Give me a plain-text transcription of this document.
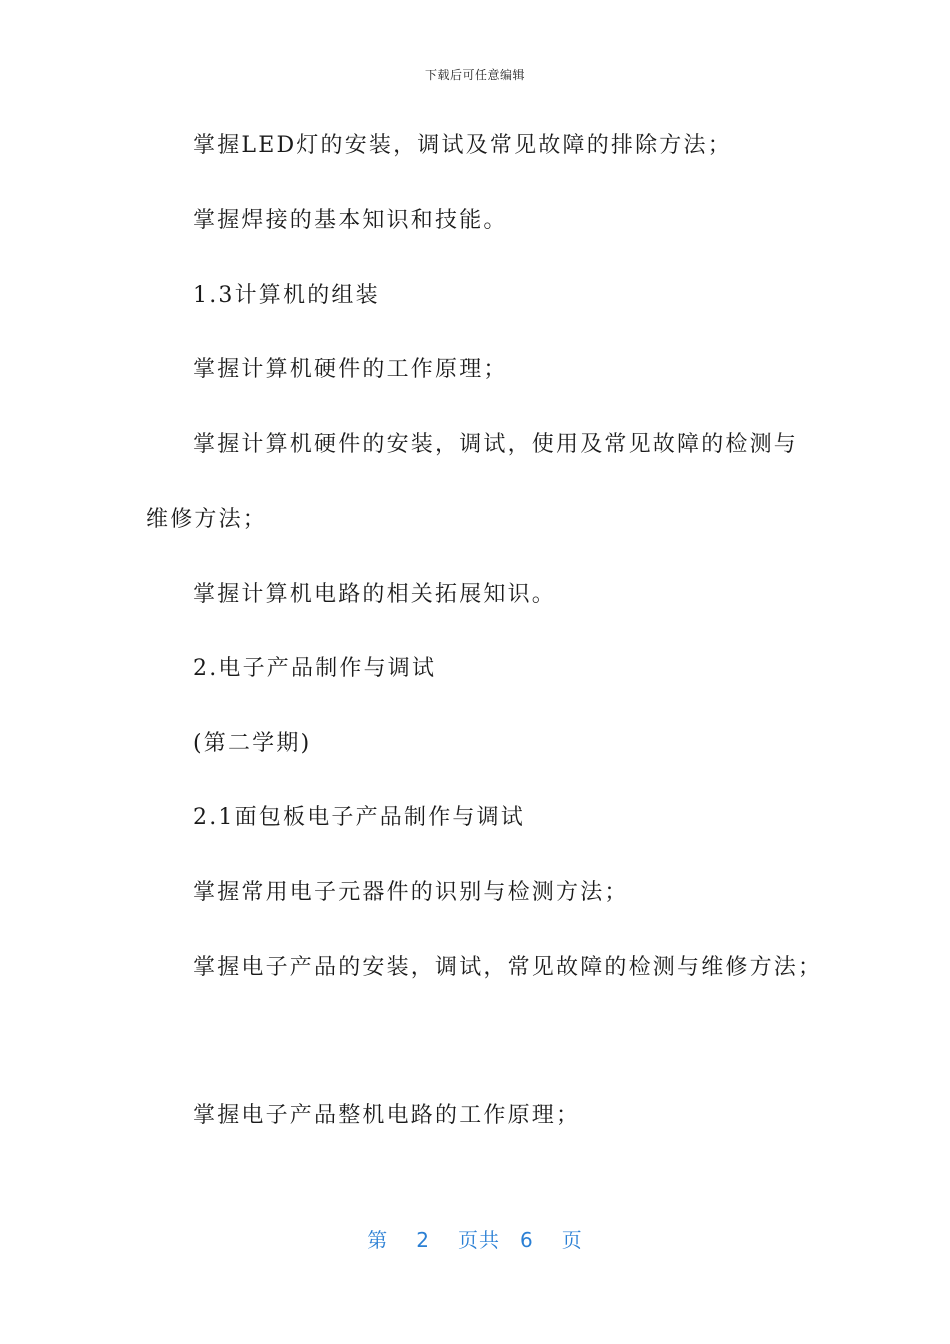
下载后可任意编辑
掌握LED灯的安装，调试及常见故障的排除方法；
掌握焊接的基本知识和技能。
1.3计算机的组装
掌握计算机硬件的工作原理；
掌握计算机硬件的安装，调试，使用及常见故障的检测与
维修方法；
掌握计算机电路的相关拓展知识。
2.电子产品制作与调试
(第二学期)
2.1面包板电子产品制作与调试
掌握常用电子元器件的识别与检测方法；
掌握电子产品的安装，调试，常见故障的检测与维修方法；
掌握电子产品整机电路的工作原理；
第 2 页共 6 页
